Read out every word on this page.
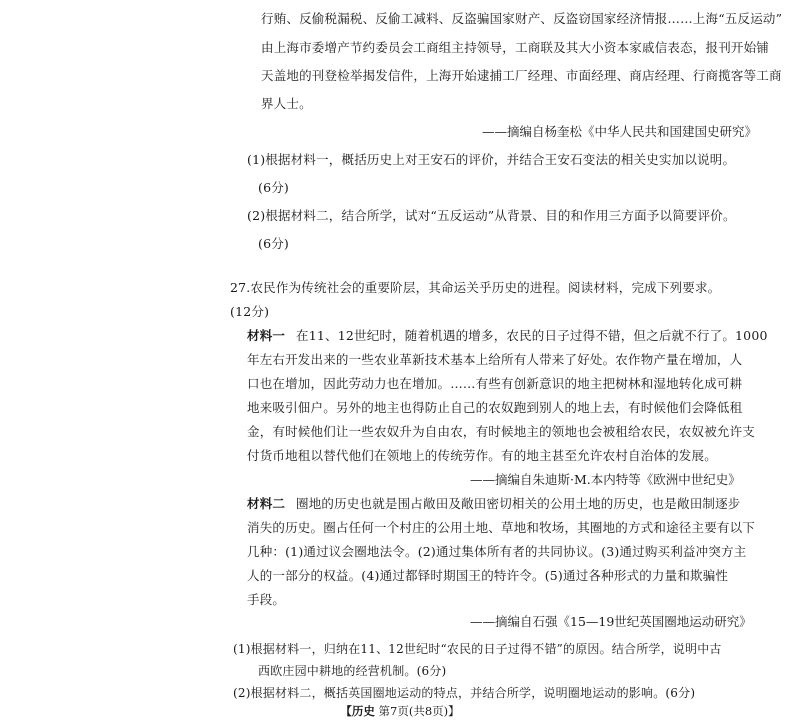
行贿、反偷税漏税、反偷工减料、反盗骗国家财产、反盗窃国家经济情报……上海“五反运动”
由上海市委增产节约委员会工商组主持领导，工商联及其大小资本家戚信表态，报刊开始铺
天盖地的刊登检举揭发信件，上海开始逮捕工厂经理、市面经理、商店经理、行商揽客等工商
界人士。
——摘编自杨奎松《中华人民共和国建国史研究》
(1)根据材料一，概括历史上对王安石的评价，并结合王安石变法的相关史实加以说明。
(6分)
(2)根据材料二，结合所学，试对“五反运动”从背景、目的和作用三方面予以简要评价。
(6分)
27.农民作为传统社会的重要阶层，其命运关乎历史的进程。阅读材料，完成下列要求。
(12分)
材料一 在11、12世纪时，随着机遇的增多，农民的日子过得不错，但之后就不行了。1000
年左右开发出来的一些农业革新技术基本上给所有人带来了好处。农作物产量在增加，人
口也在增加，因此劳动力也在增加。……有些有创新意识的地主把树林和湿地转化成可耕
地来吸引佃户。另外的地主也得防止自己的农奴跑到别人的地上去，有时候他们会降低租
金，有时候他们让一些农奴升为自由农，有时候地主的领地也会被租给农民，农奴被允许支
付货币地租以替代他们在领地上的传统劳作。有的地主甚至允许农村自治体的发展。
——摘编自朱迪斯·M.本内特等《欧洲中世纪史》
材料二 圈地的历史也就是围占敞田及敞田密切相关的公用土地的历史，也是敞田制逐步
消失的历史。圈占任何一个村庄的公用土地、草地和牧场，其圈地的方式和途径主要有以下
几种：(1)通过议会圈地法令。(2)通过集体所有者的共同协议。(3)通过购买利益冲突方主
人的一部分的权益。(4)通过都铎时期国王的特许令。(5)通过各种形式的力量和欺骗性
手段。
——摘编自石强《15—19世纪英国圈地运动研究》
(1)根据材料一，归纳在11、12世纪时“农民的日子过得不错”的原因。结合所学，说明中古
西欧庄园中耕地的经营机制。(6分)
(2)根据材料二，概括英国圈地运动的特点，并结合所学，说明圈地运动的影响。(6分)
【历史 第7页(共8页)】
